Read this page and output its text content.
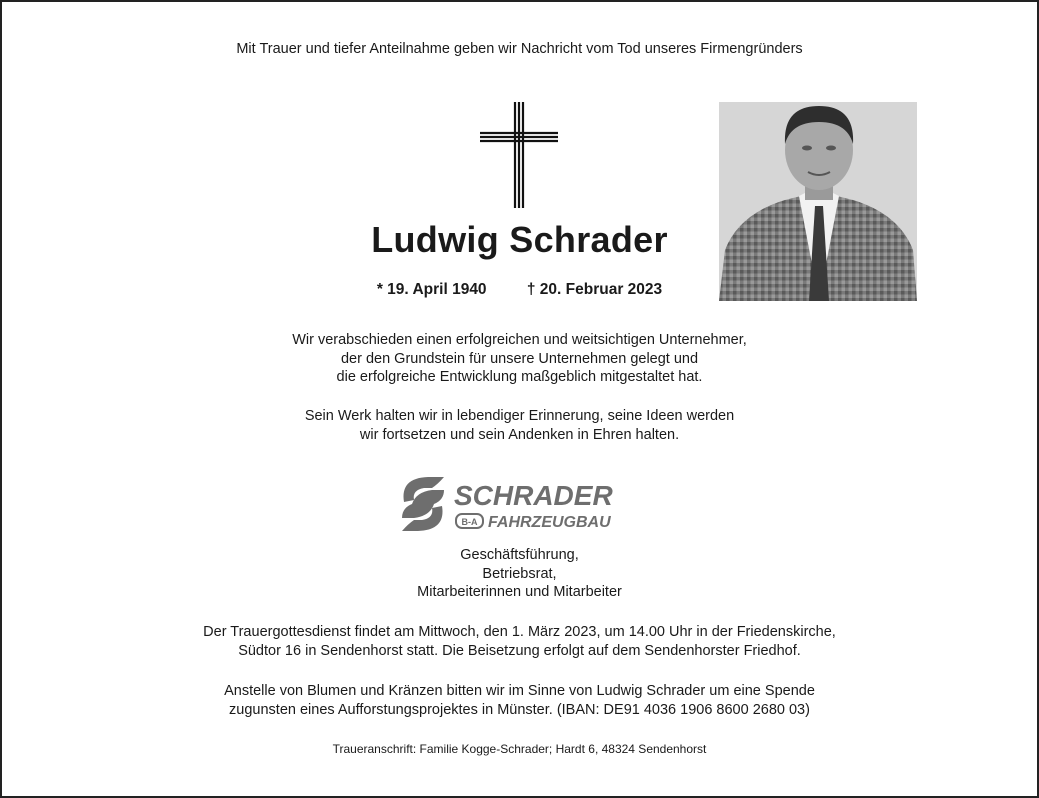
Mit Trauer und tiefer Anteilnahme geben wir Nachricht vom Tod unseres Firmengründers
Ludwig Schrader
* 19. April 1940	† 20. Februar 2023
Wir verabschieden einen erfolgreichen und weitsichtigen Unternehmer,
der den Grundstein für unsere Unternehmen gelegt und
die erfolgreiche Entwicklung maßgeblich mitgestaltet hat.
Sein Werk halten wir in lebendiger Erinnerung, seine Ideen werden
wir fortsetzen und sein Andenken in Ehren halten.
SCHRADER
B-A FAHRZEUGBAU
Geschäftsführung,
Betriebsrat,
Mitarbeiterinnen und Mitarbeiter
Der Trauergottesdienst findet am Mittwoch, den 1. März 2023, um 14.00 Uhr in der Friedenskirche,
Südtor 16 in Sendenhorst statt. Die Beisetzung erfolgt auf dem Sendenhorster Friedhof.
Anstelle von Blumen und Kränzen bitten wir im Sinne von Ludwig Schrader um eine Spende
zugunsten eines Aufforstungsprojektes in Münster. (IBAN: DE91 4036 1906 8600 2680 03)
Traueranschrift: Familie Kogge-Schrader; Hardt 6, 48324 Sendenhorst
